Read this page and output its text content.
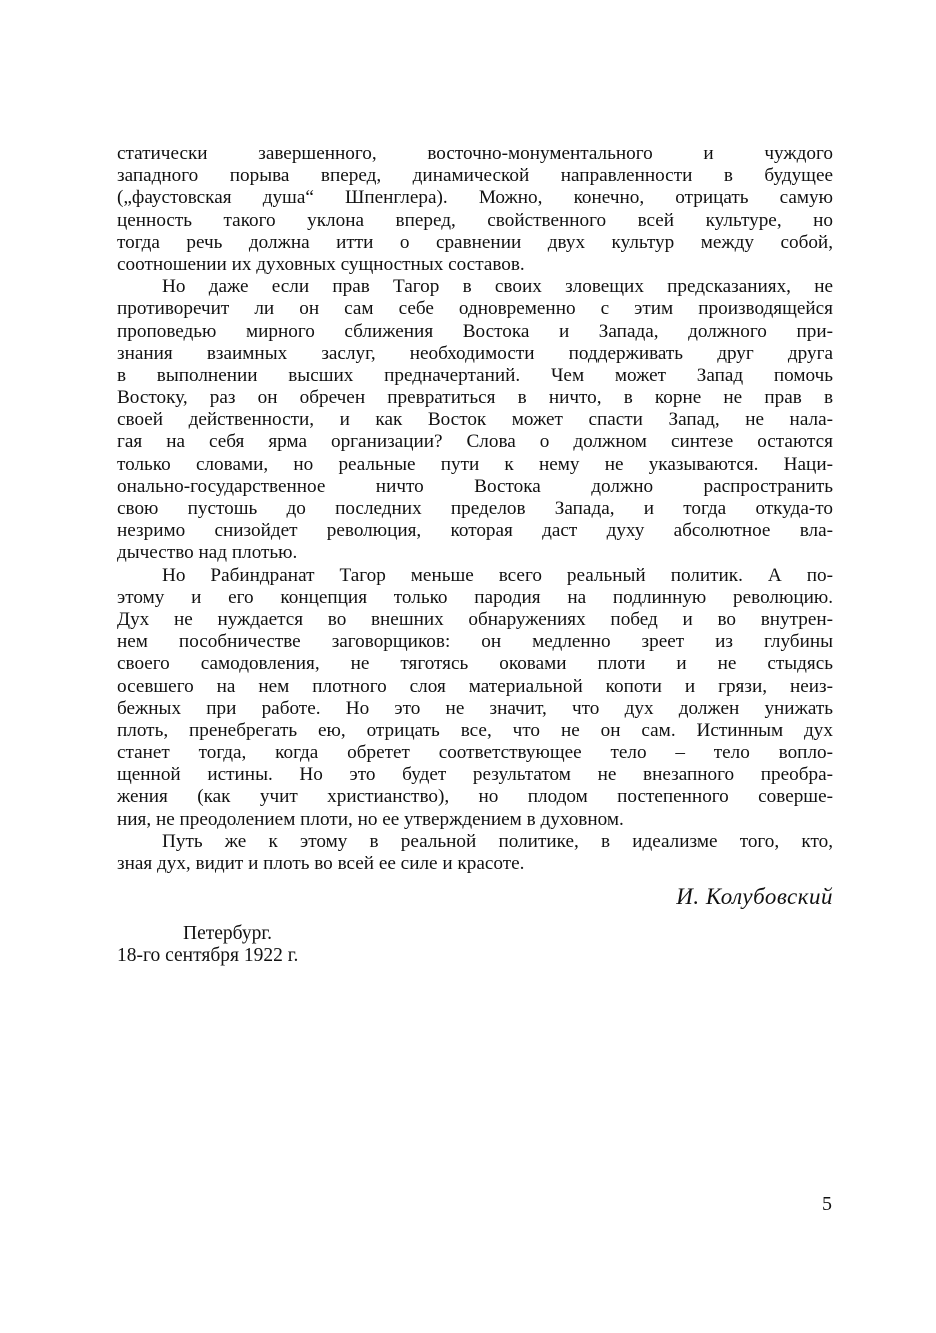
статически завершенного, восточно-монументального и чуждого
западного порыва вперед, динамической направленности в будущее
(„фаустовская душа“ Шпенглера). Можно, конечно, отрицать самую
ценность такого уклона вперед, свойственного всей культуре, но
тогда речь должна итти о сравнении двух культур между собой,
соотношении их духовных сущностных составов.
Но даже если прав Тагор в своих зловещих предсказаниях, не
противоречит ли он сам себе одновременно с этим производящейся
проповедью мирного сближения Востока и Запада, должного при-
знания взаимных заслуг, необходимости поддерживать друг друга
в выполнении высших предначертаний. Чем может Запад помочь
Востоку, раз он обречен превратиться в ничто, в корне не прав в
своей действенности, и как Восток может спасти Запад, не нала-
гая на себя ярма организации? Слова о должном синтезе остаются
только словами, но реальные пути к нему не указываются. Наци-
онально-государственное ничто Востока должно распространить
свою пустошь до последних пределов Запада, и тогда откуда-то
незримо снизойдет революция, которая даст духу абсолютное вла-
дычество над плотью.
Но Рабиндранат Тагор меньше всего реальный политик. А по-
этому и его концепция только пародия на подлинную революцию.
Дух не нуждается во внешних обнаружениях побед и во внутрен-
нем пособничестве заговорщиков: он медленно зреет из глубины
своего самодовления, не тяготясь оковами плоти и не стыдясь
осевшего на нем плотного слоя материальной копоти и грязи, неиз-
бежных при работе. Но это не значит, что дух должен унижать
плоть, пренебрегать ею, отрицать все, что не он сам. Истинным дух
станет тогда, когда обретет соответствующее тело – тело вопло-
щенной истины. Но это будет результатом не внезапного преобра-
жения (как учит христианство), но плодом постепенного соверше-
ния, не преодолением плоти, но ее утверждением в духовном.
Путь же к этому в реальной политике, в идеализме того, кто,
зная дух, видит и плоть во всей ее силе и красоте.
И. Колубовский
Петербург.
18-го сентября 1922 г.
5
